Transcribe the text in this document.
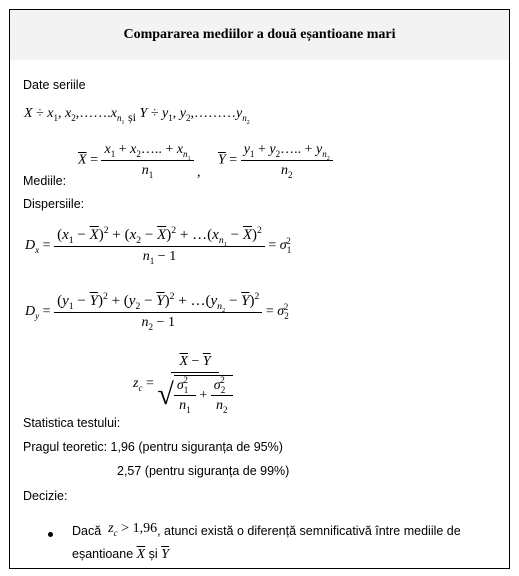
Compararea mediilor a două eșantioane mari
Date seriile
$X \div x_1$, $x_2,\dots\dots.x_{n_1}$ și $Y \div y_1$, $y_2,\dots\dots\dots y_{n_2}$
$\overline{X} = \frac{x_1 + x_2\dots.. + x_{n_1}}{n_1}$ ,
$\overline{Y} = \frac{y_1 + y_2\dots.. + y_{n_2}}{n_2}$
Mediile:
Dispersiile:
$D_x = \frac{(x_1 - \overline{X})^2 + (x_2 - \overline{X})^2 + \dots(x_{n_1} - \overline{X})^2}{n_1 - 1} = \sigma_1^2$
$D_y = \frac{(y_1 - \overline{Y})^2 + (y_2 - \overline{Y})^2 + \dots(y_{n_2} - \overline{Y})^2}{n_2 - 1} = \sigma_2^2$
$z_c = \frac{\overline{X} - \overline{Y}}{√ \frac{\sigma_1^2}{n_1} + \frac{\sigma_2^2}{n_2}}$
Statistica testului:
Pragul teoretic: 1,96 (pentru siguranța de 95%)
2,57 (pentru siguranța de 99%)
Decizie:
Dacă $z_c > 1,96$, atunci există o diferență semnificativă între mediile de
eșantioane $\overline{X}$ și $\overline{Y}$
